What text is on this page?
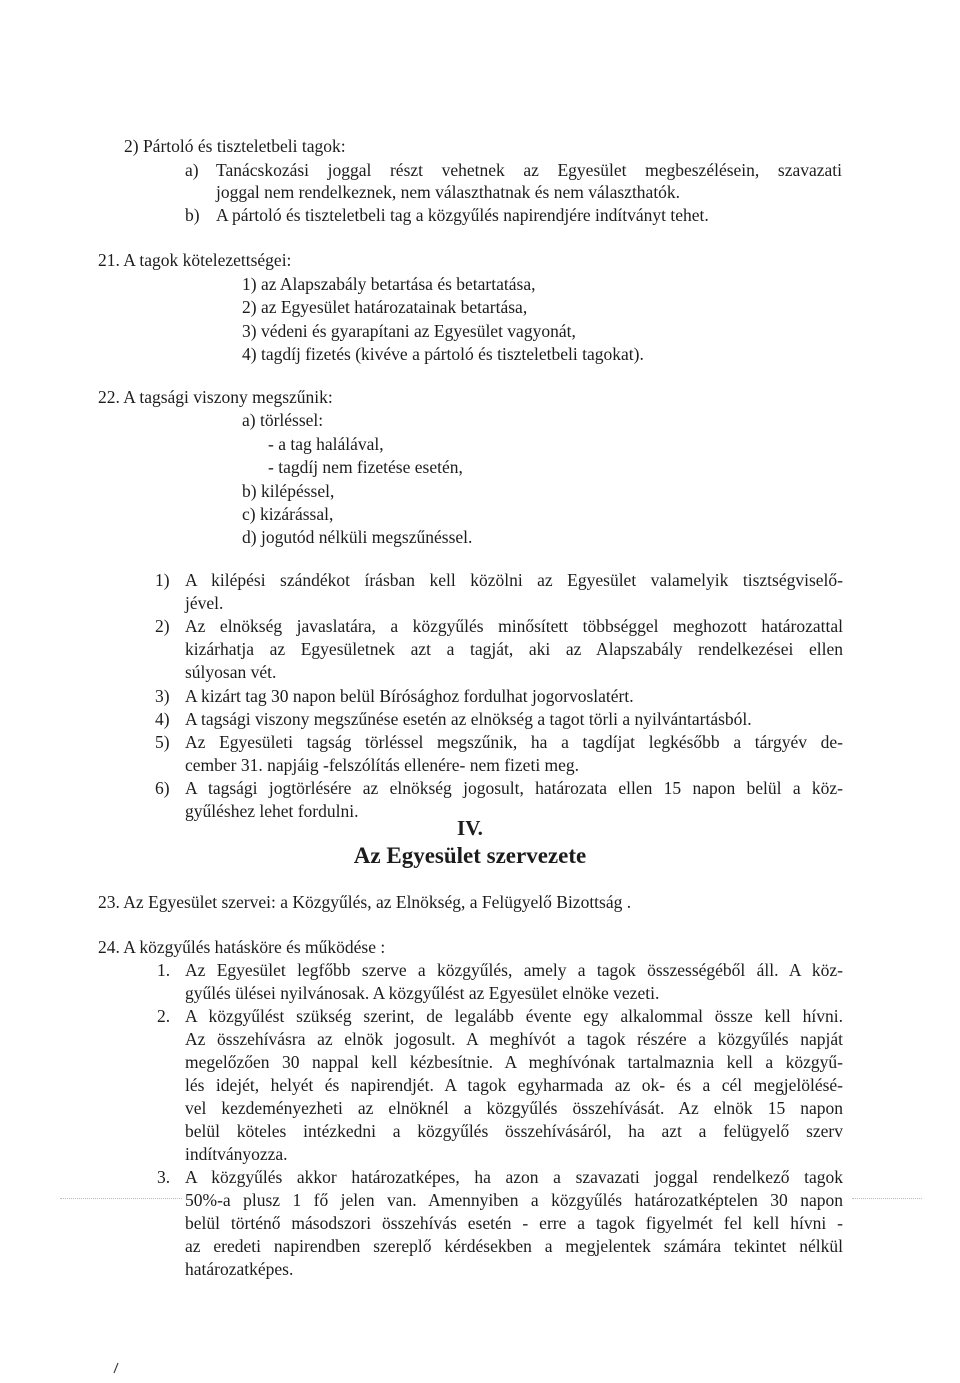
2) Pártoló és tiszteletbeli tagok:
a) Tanácskozási joggal részt vehetnek az Egyesület megbeszélésein, szavazati
joggal nem rendelkeznek, nem választhatnak és nem választhatók.
b) A pártoló és tiszteletbeli tag a közgyűlés napirendjére indítványt tehet.
21. A tagok kötelezettségei:
1) az Alapszabály betartása és betartatása,
2) az Egyesület határozatainak betartása,
3) védeni és gyarapítani az Egyesület vagyonát,
4) tagdíj fizetés (kivéve a pártoló és tiszteletbeli tagokat).
22. A tagsági viszony megszűnik:
a) törléssel:
- a tag halálával,
- tagdíj nem fizetése esetén,
b) kilépéssel,
c) kizárással,
d) jogutód nélküli megszűnéssel.
1) A kilépési szándékot írásban kell közölni az Egyesület valamelyik tisztségviselő-
jével.
2) Az elnökség javaslatára, a közgyűlés minősített többséggel meghozott határozattal
kizárhatja az Egyesületnek azt a tagját, aki az Alapszabály rendelkezései ellen
súlyosan vét.
3) A kizárt tag 30 napon belül Bírósághoz fordulhat jogorvoslatért.
4) A tagsági viszony megszűnése esetén az elnökség a tagot törli a nyilvántartásból.
5) Az Egyesületi tagság törléssel megszűnik, ha a tagdíjat legkésőbb a tárgyév de-
cember 31. napjáig -felszólítás ellenére- nem fizeti meg.
6) A tagsági jogtörlésére az elnökség jogosult, határozata ellen 15 napon belül a köz-
gyűléshez lehet fordulni.
IV.
Az Egyesület szervezete
23. Az Egyesület szervei: a Közgyűlés, az Elnökség, a Felügyelő Bizottság .
24. A közgyűlés hatásköre és működése :
1. Az Egyesület legfőbb szerve a közgyűlés, amely a tagok összességéből áll. A köz-
gyűlés ülései nyilvánosak. A közgyűlést az Egyesület elnöke vezeti.
2. A közgyűlést szükség szerint, de legalább évente egy alkalommal össze kell hívni.
Az összehívásra az elnök jogosult. A meghívót a tagok részére a közgyűlés napját
megelőzően 30 nappal kell kézbesítnie. A meghívónak tartalmaznia kell a közgyű-
lés idejét, helyét és napirendjét. A tagok egyharmada az ok- és a cél megjelölésé-
vel kezdeményezheti az elnöknél a közgyűlés összehívását. Az elnök 15 napon
belül köteles intézkedni a közgyűlés összehívásáról, ha azt a felügyelő szerv
indítványozza.
3. A közgyűlés akkor határozatképes, ha azon a szavazati joggal rendelkező tagok
50%-a plusz 1 fő jelen van. Amennyiben a közgyűlés határozatképtelen 30 napon
belül történő másodszori összehívás esetén - erre a tagok figyelmét fel kell hívni -
az eredeti napirendben szereplő kérdésekben a megjelentek számára tekintet nélkül
határozatképes.
